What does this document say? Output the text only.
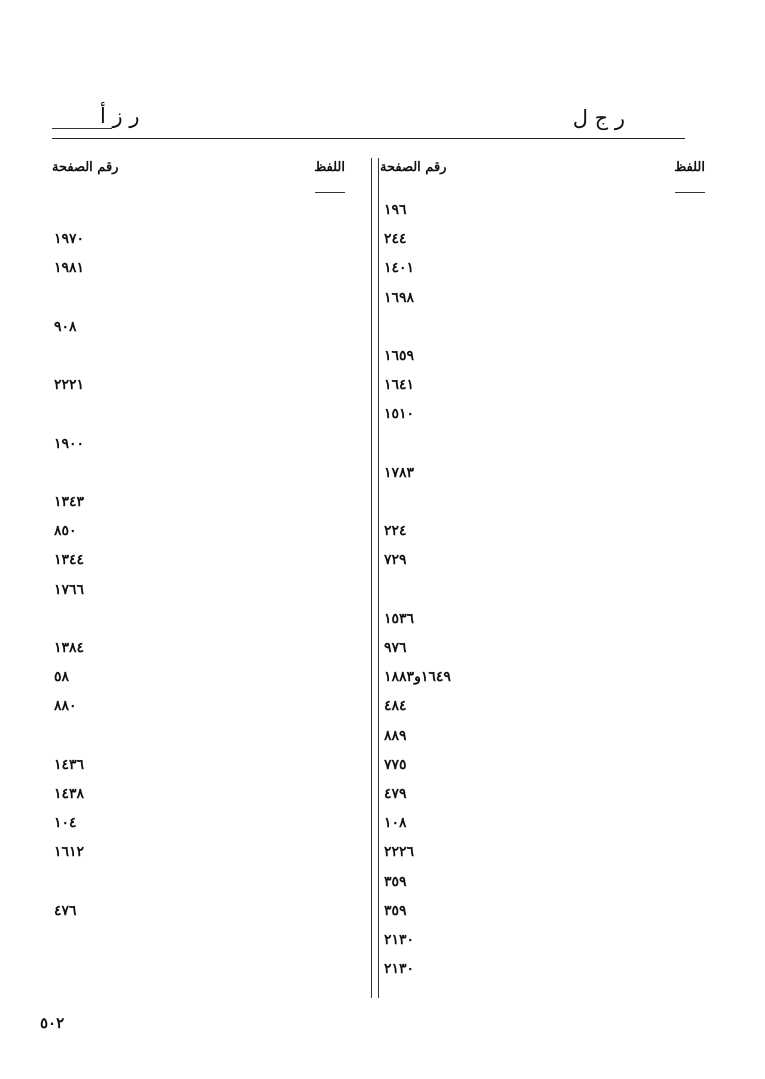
ر ج ل
ر ز أ
اللفظ
رقم الصفحة
اللفظ
رقم الصفحة
١٩٦
٢٤٤
١٤٠١
١٦٩٨
١٦٥٩
١٦٤١
١٥١٠
١٧٨٣
٢٢٤
٧٢٩
١٥٣٦
٩٧٦
١٦٤٩و١٨٨٣
٤٨٤
٨٨٩
٧٧٥
٤٧٩
١٠٨
٢٢٢٦
٣٥٩
٣٥٩
٢١٣٠
٢١٣٠
١٩٧٠
١٩٨١
٩٠٨
٢٢٢١
١٩٠٠
١٣٤٣
٨٥٠
١٣٤٤
١٧٦٦
١٣٨٤
٥٨
٨٨٠
١٤٣٦
١٤٣٨
١٠٤
١٦١٢
٤٧٦
٥٠٢
